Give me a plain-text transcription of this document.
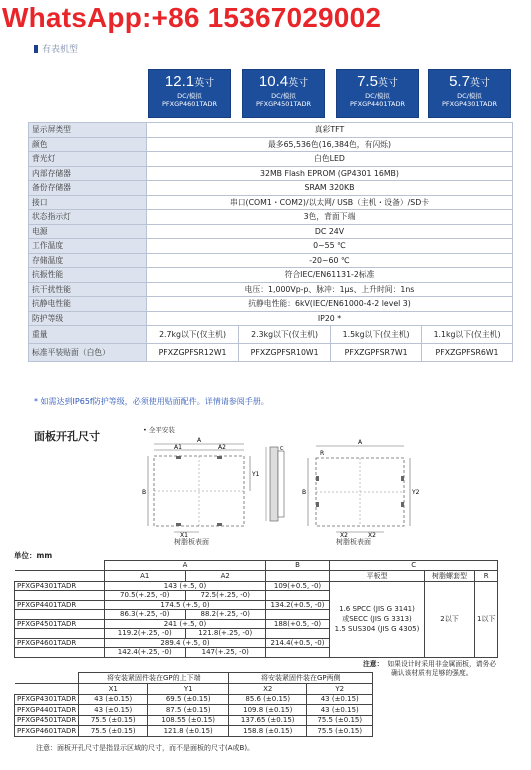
WhatsApp:+86 15367029002
有表机型
12.1英寸
DC/模拟
PFXGP4601TADR
10.4英寸
DC/模拟
PFXGP4501TADR
7.5英寸
DC/模拟
PFXGP4401TADR
5.7英寸
DC/模拟
PFXGP4301TADR
显示屏类型	真彩TFT			
颜色	最多65,536色(16,384色，有闪烁)			
背光灯	白色LED			
内部存储器	32MB Flash EPROM (GP4301 16MB)			
备份存储器	SRAM 320KB			
接口	串口(COM1・COM2)/以太网/ USB（主机・设备）/SD卡			
状态指示灯	3色，背面下端			
电源	DC 24V			
工作温度	0~55 ℃			
存储温度	-20~60 ℃			
抗振性能	符合IEC/EN61131-2标准			
抗干扰性能	电压：1,000Vp-p、脉冲：1μs、上升时间：1ns			
抗静电性能	抗静电性能：6kV(IEC/EN61000-4-2 level 3)			
防护等级	IP20 *			
重量	2.7kg以下(仅主机)	2.3kg以下(仅主机)	1.5kg以下(仅主机)	1.1kg以下(仅主机)
标准平装贴面（白色）	PFXZGPFSR12W1	PFXZGPFSR10W1	PFXZGPFSR7W1	PFXZGPFSR6W1
* 如需达到IP65f防护等级，必须使用贴面配件。详情请参阅手册。
面板开孔尺寸	• 全平安装
A
A1	A2
B
Y1
X1
C
A
R
B	Y2
X2	X2
树脂板表面	树脂板表面
单位：mm
	A		B	C		
	A1	A2		平板型	树脂螺套型	R
PFXGP4301TADR	143 (+.5, 0)		109(+0.5, -0)	1.6 SPCC (JIS G 3141)
或SECC (JIS G 3313)
1.5 SUS304 (JIS G 4305)	2以下	1以下
	70.5(+.25, -0)	72.5(+.25, -0)				
PFXGP4401TADR	174.5 (+.5, 0)		134.2(+0.5, -0)			
	86.3(+.25, -0)	88.2(+.25, -0)				
PFXGP4501TADR	241 (+.5, 0)		188(+0.5, -0)			
	119.2(+.25, -0)	121.8(+.25, -0)				
PFXGP4601TADR	289.4 (+.5, 0)		214.4(+0.5, -0)			
	142.4(+.25, -0)	147(+.25, -0)				
注意： 如果设计时采用非金属面板，请务必
确认该材质有足够的强度。
	将安装紧固件装在GP的上下端		将安装紧固件装在GP两侧	
	X1	Y1	X2	Y2
PFXGP4301TADR	43 (±0.15)	69.5 (±0.15)	85.6 (±0.15)	43 (±0.15)
PFXGP4401TADR	43 (±0.15)	87.5 (±0.15)	109.8 (±0.15)	43 (±0.15)
PFXGP4501TADR	75.5 (±0.15)	108.55 (±0.15)	137.65 (±0.15)	75.5 (±0.15)
PFXGP4601TADR	75.5 (±0.15)	121.8 (±0.15)	158.8 (±0.15)	75.5 (±0.15)
注意：面板开孔尺寸是指显示区域的尺寸，而不是面板的尺寸(A或B)。
